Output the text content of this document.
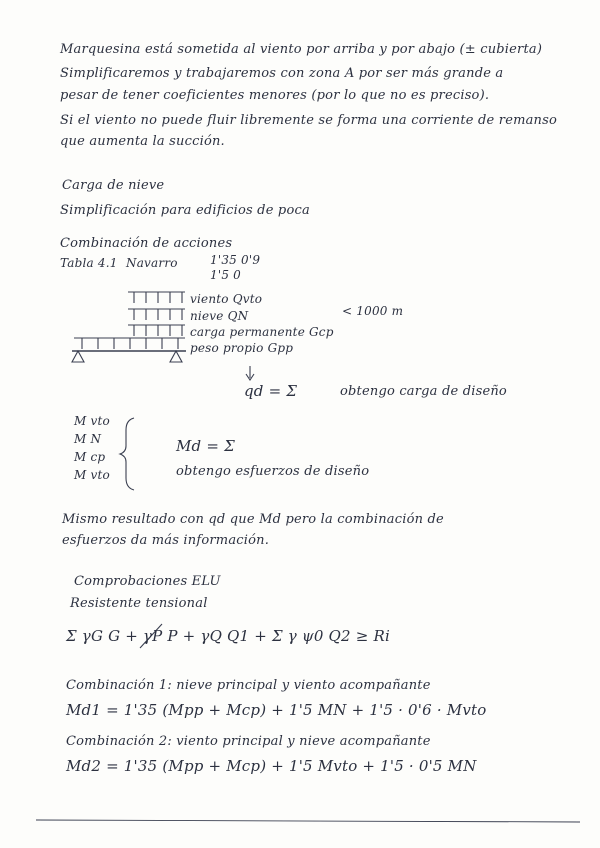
Marquesina está sometida al viento por arriba y por abajo (± cubierta)
Simplificaremos y trabajaremos con zona A por ser más grande a
pesar de tener coeficientes menores (por lo que no es preciso).
Si el viento no puede fluir libremente se forma una corriente de remanso
que aumenta la succión.
Carga de nieve
Simplificación para edificios de poca
Combinación de acciones
Tabla 4.1 Navarro	1'35 0'9
1'5 0
viento Qvto
nieve QN
carga permanente Gcp
peso propio Gpp
< 1000 m
qd = Σ	obtengo carga de diseño
M vto
M N
M cp
M vto
Md = Σ
obtengo esfuerzos de diseño
Mismo resultado con qd que Md pero la combinación de
esfuerzos da más información.
Comprobaciones ELU
Resistente tensional
Σ γG G + γP P + γQ Q1 + Σ γ ψ0 Q2 ≥ Ri
Combinación 1: nieve principal y viento acompañante
Md1 = 1'35 (Mpp + Mcp) + 1'5 MN + 1'5 · 0'6 · Mvto
Combinación 2: viento principal y nieve acompañante
Md2 = 1'35 (Mpp + Mcp) + 1'5 Mvto + 1'5 · 0'5 MN
